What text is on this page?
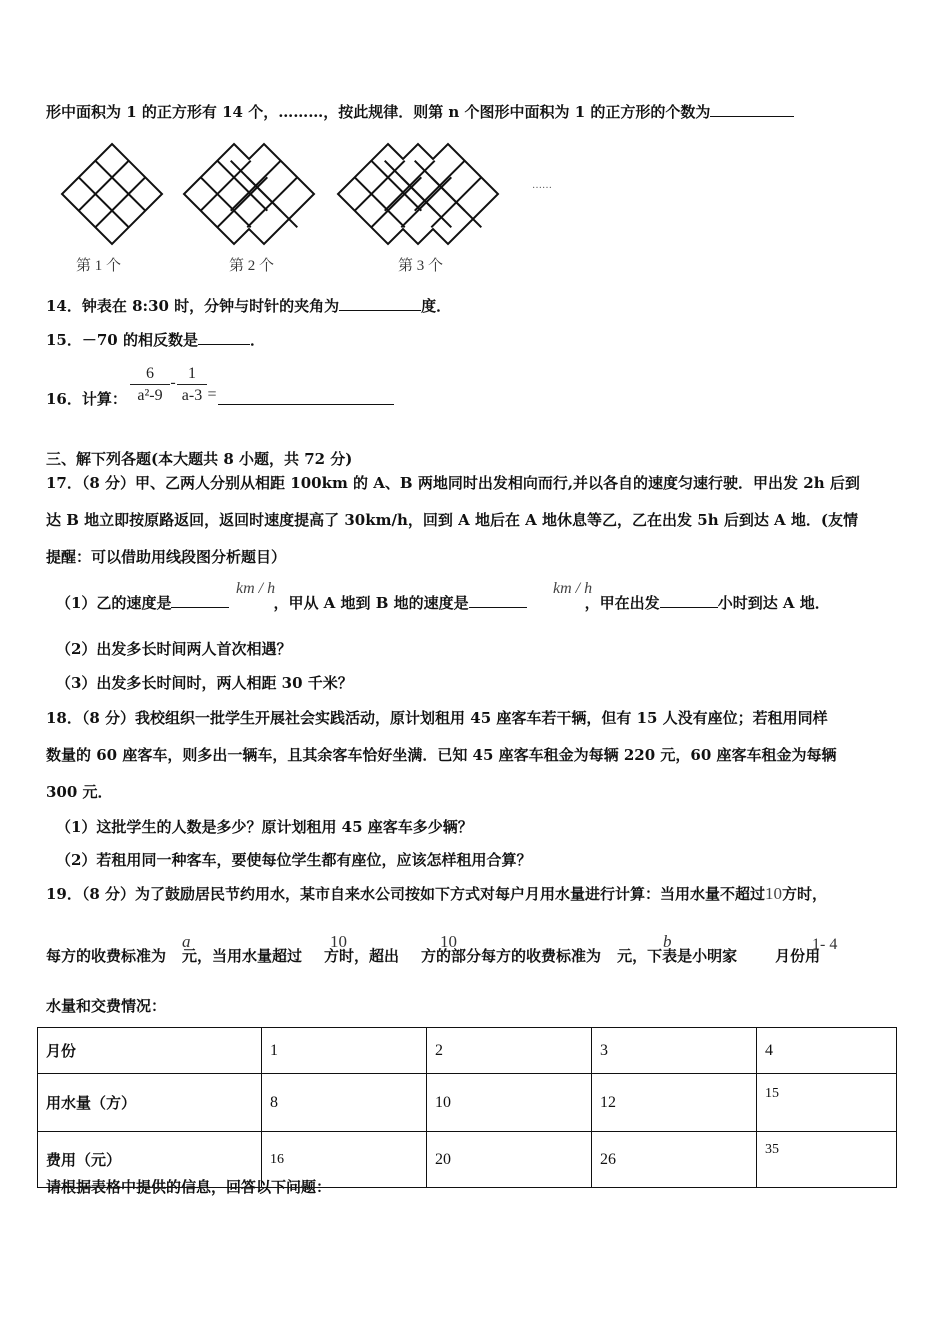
形中面积为 1 的正方形有 14 个，………，按此规律．则第 n 个图形中面积为 1 的正方形的个数为
……
第 1 个	第 2 个	第 3 个
14．钟表在 8:30 时，分钟与时针的夹角为	度．
15．－70 的相反数是	．
16．计算： $\frac{6}{\text{a²-9}} - \frac{1}{a-3}$ =
三、解下列各题(本大题共 8 小题，共 72 分)
17．（8 分）甲、乙两人分别从相距 100km 的 A、B 两地同时出发相向而行,并以各自的速度匀速行驶．甲出发 2h 后到
达 B 地立即按原路返回，返回时速度提高了 30km/h，回到 A 地后在 A 地休息等乙，乙在出发 5h 后到达 A 地．(友情
提醒：可以借助用线段图分析题目）
（1）乙的速度是	，甲从 A 地到 B 地的速度是	，甲在出发	小时到达 A 地．
km / h	km / h
（2）出发多长时间两人首次相遇？
（3）出发多长时间时，两人相距 30 千米？
18．（8 分）我校组织一批学生开展社会实践活动，原计划租用 45 座客车若干辆，但有 15 人没有座位；若租用同样
数量的 60 座客车，则多出一辆车，且其余客车恰好坐满．已知 45 座客车租金为每辆 220 元，60 座客车租金为每辆
300 元．
（1）这批学生的人数是多少？原计划租用 45 座客车多少辆？
（2）若租用同一种客车，要使每位学生都有座位，应该怎样租用合算？
19．（8 分）为了鼓励居民节约用水，某市自来水公司按如下方式对每户月用水量进行计算：当用水量不超过10方时，
每方的收费标准为 元，当用水量超过 方时，超出 方的部分每方的收费标准为 元，下表是小明家	月份用
a	10	10	b	1- 4
水量和交费情况：
月份	1	2	3	4
用水量（方）	8	10	12	15
费用（元）	16	20	26	35
请根据表格中提供的信息，回答以下问题：
